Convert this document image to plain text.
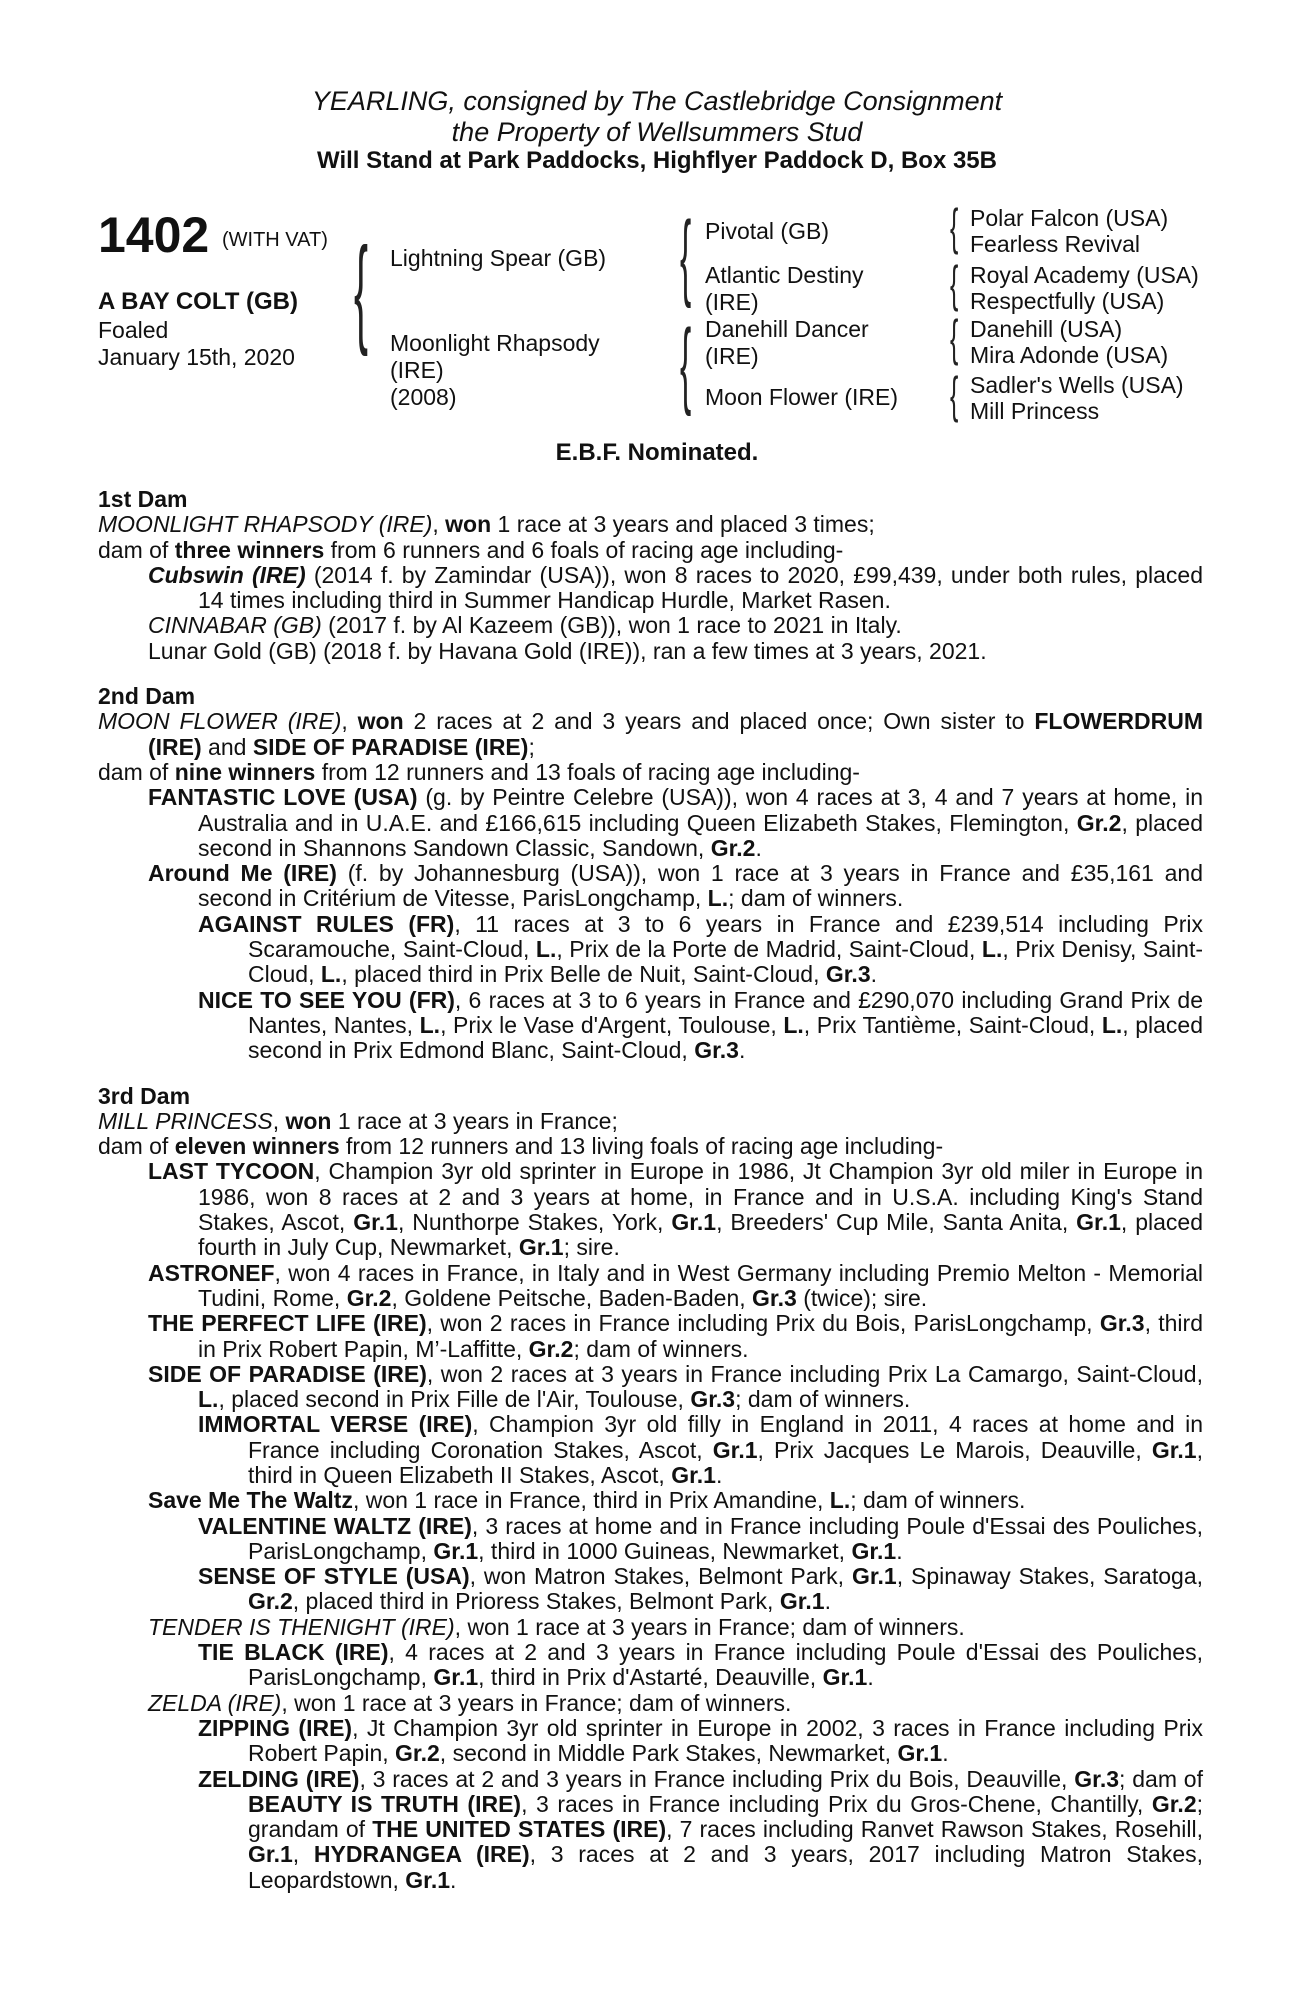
YEARLING, consigned by The Castlebridge Consignment
the Property of Wellsummers Stud
Will Stand at Park Paddocks, Highflyer Paddock D, Box 35B
1402 (WITH VAT)
A BAY COLT (GB)
Foaled
January 15th, 2020 {	{
{
{
{
{
{
Lightning Spear (GB)
Moonlight Rhapsody
(IRE)
(2008)
Pivotal (GB)
Atlantic Destiny
(IRE)
Danehill Dancer
(IRE)
Moon Flower (IRE)
Polar Falcon (USA)
Fearless Revival
Royal Academy (USA)
Respectfully (USA)
Danehill (USA)
Mira Adonde (USA)
Sadler's Wells (USA)
Mill Princess
E.B.F. Nominated.
1st Dam
MOONLIGHT RHAPSODY (IRE), won 1 race at 3 years and placed 3 times;
dam of three winners from 6 runners and 6 foals of racing age including-
Cubswin (IRE) (2014 f. by Zamindar (USA)), won 8 races to 2020, £99,439, under both rules, placed 14 times including third in Summer Handicap Hurdle, Market Rasen.
CINNABAR (GB) (2017 f. by Al Kazeem (GB)), won 1 race to 2021 in Italy.
Lunar Gold (GB) (2018 f. by Havana Gold (IRE)), ran a few times at 3 years, 2021.
2nd Dam
MOON FLOWER (IRE), won 2 races at 2 and 3 years and placed once; Own sister to FLOWERDRUM (IRE) and SIDE OF PARADISE (IRE);
dam of nine winners from 12 runners and 13 foals of racing age including-
FANTASTIC LOVE (USA) (g. by Peintre Celebre (USA)), won 4 races at 3, 4 and 7 years at home, in Australia and in U.A.E. and £166,615 including Queen Elizabeth Stakes, Flemington, Gr.2, placed second in Shannons Sandown Classic, Sandown, Gr.2.
Around Me (IRE) (f. by Johannesburg (USA)), won 1 race at 3 years in France and £35,161 and second in Critérium de Vitesse, ParisLongchamp, L.; dam of winners.
AGAINST RULES (FR), 11 races at 3 to 6 years in France and £239,514 including Prix Scaramouche, Saint-Cloud, L., Prix de la Porte de Madrid, Saint-Cloud, L., Prix Denisy, Saint-Cloud, L., placed third in Prix Belle de Nuit, Saint-Cloud, Gr.3.
NICE TO SEE YOU (FR), 6 races at 3 to 6 years in France and £290,070 including Grand Prix de Nantes, Nantes, L., Prix le Vase d'Argent, Toulouse, L., Prix Tantième, Saint-Cloud, L., placed second in Prix Edmond Blanc, Saint-Cloud, Gr.3.
3rd Dam
MILL PRINCESS, won 1 race at 3 years in France;
dam of eleven winners from 12 runners and 13 living foals of racing age including-
LAST TYCOON, Champion 3yr old sprinter in Europe in 1986, Jt Champion 3yr old miler in Europe in 1986, won 8 races at 2 and 3 years at home, in France and in U.S.A. including King's Stand Stakes, Ascot, Gr.1, Nunthorpe Stakes, York, Gr.1, Breeders' Cup Mile, Santa Anita, Gr.1, placed fourth in July Cup, Newmarket, Gr.1; sire.
ASTRONEF, won 4 races in France, in Italy and in West Germany including Premio Melton - Memorial Tudini, Rome, Gr.2, Goldene Peitsche, Baden-Baden, Gr.3 (twice); sire.
THE PERFECT LIFE (IRE), won 2 races in France including Prix du Bois, ParisLongchamp, Gr.3, third in Prix Robert Papin, M’-Laffitte, Gr.2; dam of winners.
SIDE OF PARADISE (IRE), won 2 races at 3 years in France including Prix La Camargo, Saint-Cloud, L., placed second in Prix Fille de l'Air, Toulouse, Gr.3; dam of winners.
IMMORTAL VERSE (IRE), Champion 3yr old filly in England in 2011, 4 races at home and in France including Coronation Stakes, Ascot, Gr.1, Prix Jacques Le Marois, Deauville, Gr.1, third in Queen Elizabeth II Stakes, Ascot, Gr.1.
Save Me The Waltz, won 1 race in France, third in Prix Amandine, L.; dam of winners.
VALENTINE WALTZ (IRE), 3 races at home and in France including Poule d'Essai des Pouliches, ParisLongchamp, Gr.1, third in 1000 Guineas, Newmarket, Gr.1.
SENSE OF STYLE (USA), won Matron Stakes, Belmont Park, Gr.1, Spinaway Stakes, Saratoga, Gr.2, placed third in Prioress Stakes, Belmont Park, Gr.1.
TENDER IS THENIGHT (IRE), won 1 race at 3 years in France; dam of winners.
TIE BLACK (IRE), 4 races at 2 and 3 years in France including Poule d'Essai des Pouliches, ParisLongchamp, Gr.1, third in Prix d'Astarté, Deauville, Gr.1.
ZELDA (IRE), won 1 race at 3 years in France; dam of winners.
ZIPPING (IRE), Jt Champion 3yr old sprinter in Europe in 2002, 3 races in France including Prix Robert Papin, Gr.2, second in Middle Park Stakes, Newmarket, Gr.1.
ZELDING (IRE), 3 races at 2 and 3 years in France including Prix du Bois, Deauville, Gr.3; dam of BEAUTY IS TRUTH (IRE), 3 races in France including Prix du Gros-Chene, Chantilly, Gr.2; grandam of THE UNITED STATES (IRE), 7 races including Ranvet Rawson Stakes, Rosehill, Gr.1, HYDRANGEA (IRE), 3 races at 2 and 3 years, 2017 including Matron Stakes, Leopardstown, Gr.1.
